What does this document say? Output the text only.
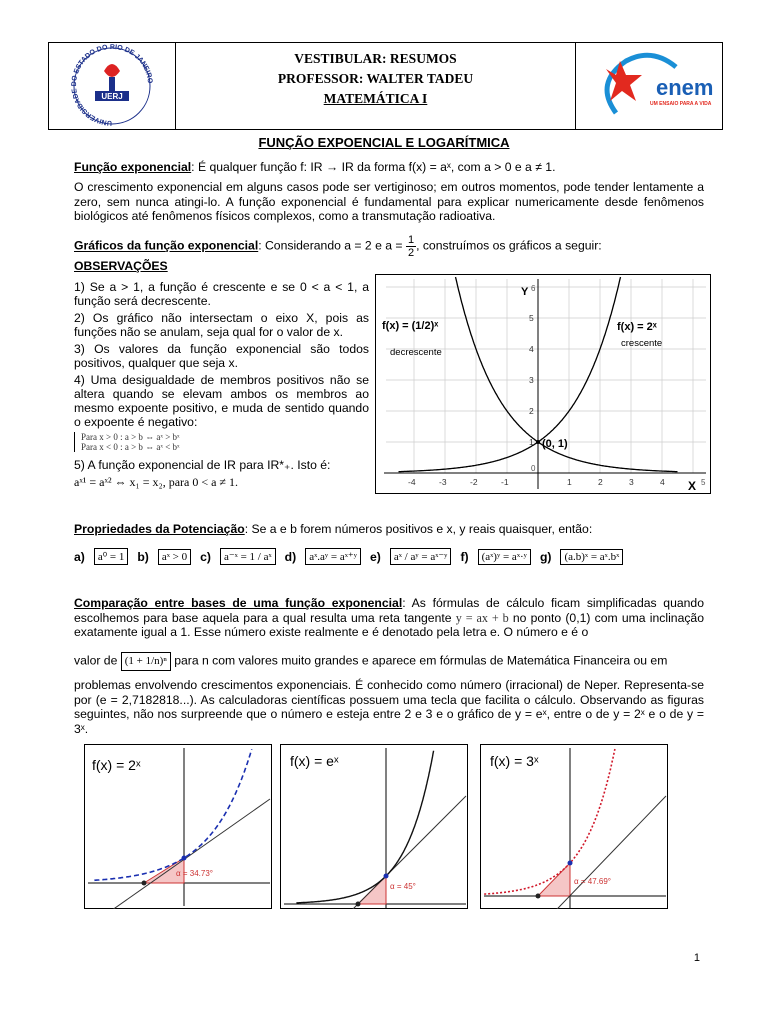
UNIVERSIDADE DO ESTADO DO RIO DE JANEIRO
UERJ
VESTIBULAR: RESUMOS
PROFESSOR: WALTER TADEU
MATEMÁTICA I	enem
UM ENSAIO PARA A VIDA
FUNÇÃO EXPOENCIAL E LOGARÍTMICA

Função exponencial: É qualquer função f: IR → IR da forma f(x) = aˣ, com a > 0 e a ≠ 1.

O crescimento exponencial em alguns casos pode ser vertiginoso; em outros momentos, pode tender lentamente a zero, sem nunca atingi-lo. A função exponencial é fundamental para explicar numericamente desde fenômenos biológicos até fenômenos físicos complexos, como a transmutação radioativa.

Gráficos da função exponencial: Considerando a = 2 e $a = \frac{1}{2}$ , construímos os gráficos a seguir:

OBSERVAÇÕES

1) Se a > 1, a função é crescente e se 0 < a < 1, a função será decrescente.

2) Os gráfico não intersectam o eixo X, pois as funções não se anulam, seja qual for o valor de x.

3) Os valores da função exponencial são todos positivos, qualquer que seja x.

4) Uma desigualdade de membros positivos não se altera quando se elevam ambos os membros ao mesmo expoente positivo, e muda de sentido quando o expoente é negativo:

Para x > 0 : a > b ⇔ aˣ > bˣ
Para x < 0 : a > b ⇔ aˣ < bˣ

5) A função exponencial de IR para IR*₊. Isto é:

aˣ¹ = aˣ² ⇔ x₁ = x₂, para 0 < a ≠ 1.

(0, 1)
Y 6
X 5
0
-4	-3	-2	-1	1	2	3	4
1
2
3
4
5
f(x) = (1/2)ˣ
decrescente
f(x) = 2ˣ
crescente

Propriedades da Potenciação: Se a e b forem números positivos e x, y reais quaisquer, então:

a)	a⁰ = 1	b)	aˣ > 0	c)	a⁻ˣ = 1 / aˣ	d)	aˣ.aʸ = aˣ⁺ʸ	e)	aˣ / aʸ = aˣ⁻ʸ	f)	(aˣ)ʸ = aˣ·ʸ	g)	(a.b)ˣ = aˣ.bˣ

Comparação entre bases de uma função exponencial: As fórmulas de cálculo ficam simplificadas quando escolhemos para base aquela para a qual resulta uma reta tangente y = ax + b no ponto (0,1) com uma inclinação exatamente igual a 1. Esse número existe realmente e é denotado pela letra e. O número e é o

valor de (1 + 1/n)ⁿ para n com valores muito grandes e aparece em fórmulas de Matemática Financeira ou em

problemas envolvendo crescimentos exponenciais. É conhecido como número (irracional) de Neper. Representa-se por (e = 2,7182818...). As calculadoras científicas possuem uma tecla que facilita o cálculo. Observando as figuras seguintes, não nos surpreende que o número e esteja entre 2 e 3 e o gráfico de y = eˣ, entre o de y = 2ˣ e o de y = 3ˣ.

f(x) = 2ˣ
α = 34.73°
f(x) = eˣ
α = 45°
f(x) = 3ˣ
α = 47.69°
1
